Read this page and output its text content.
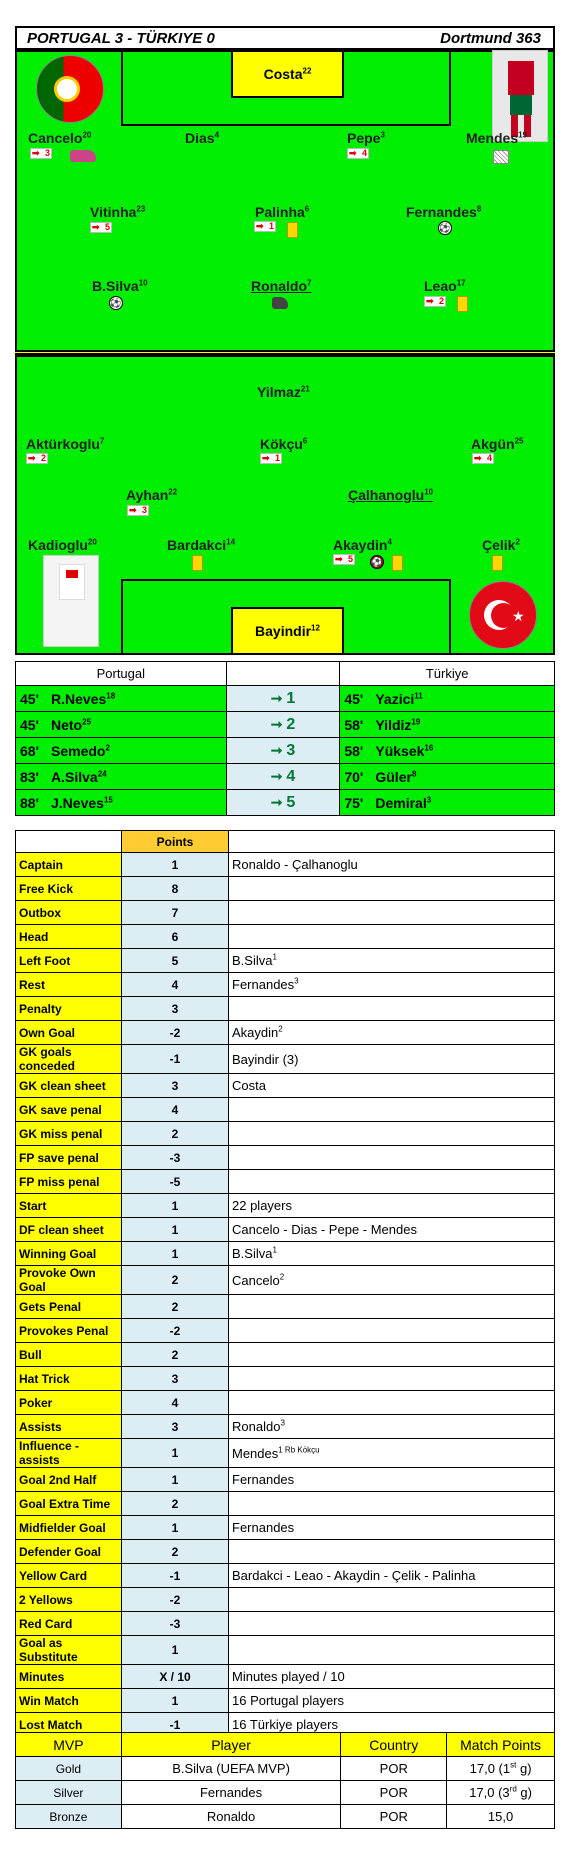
PORTUGAL 3 - TÜRKIYE 0	Dortmund 363
Costa$^{22}$
Cancelo$^{20}$
➡ 3
Dias$^4$	Pepe$^3$
➡ 4
Mendes$^{19}$
Vitinha$^{23}$
➡ 5
Palinha$^6$
➡ 1
Fernandes$^8$
⚽
B.Silva$^{10}$
⚽
Ronaldo$^7$	Leao$^{17}$
➡ 2
Yilmaz$^{21}$
Aktürkoglu$^7$
➡ 2
Kökçu$^6$
➡ 1
Akgün$^{25}$
➡ 4
Ayhan$^{22}$
➡ 3
Çalhanoglu$^{10}$
Kadioglu$^{20}$	Bardakci$^{14}$	Akaydin$^4$
➡ 5 ⚽
Çelik$^2$
Bayindir$^{12}$
★
Portugal		Türkiye
45' R.Neves$^{18}$	➞ 1	45' Yazici$^{11}$
45' Neto$^{25}$	➞ 2	58' Yildiz$^{19}$
68' Semedo$^2$	➞ 3	58' Yüksek$^{16}$
83' A.Silva$^{24}$	➞ 4	70' Güler$^8$
88' J.Neves$^{15}$	➞ 5	75' Demiral$^3$
	Points	
Captain	1	Ronaldo - Çalhanoglu
Free Kick	8	
Outbox	7	
Head	6	
Left Foot	5	B.Silva$^1$
Rest	4	Fernandes$^3$
Penalty	3	
Own Goal	-2	Akaydin$^2$
GK goals conceded	-1	Bayindir (3)
GK clean sheet	3	Costa
GK save penal	4	
GK miss penal	2	
FP save penal	-3	
FP miss penal	-5	
Start	1	22 players
DF clean sheet	1	Cancelo - Dias - Pepe - Mendes
Winning Goal	1	B.Silva$^1$
Provoke Own Goal	2	Cancelo$^2$
Gets Penal	2	
Provokes Penal	-2	
Bull	2	
Hat Trick	3	
Poker	4	
Assists	3	Ronaldo$^3$
Influence - assists	1	Mendes$^{1 Rb Kökçu}$
Goal 2nd Half	1	Fernandes
Goal Extra Time	2	
Midfielder Goal	1	Fernandes
Defender Goal	2	
Yellow Card	-1	Bardakci - Leao - Akaydin - Çelik - Palinha
2 Yellows	-2	
Red Card	-3	
Goal as Substitute	1	
Minutes	X / 10	Minutes played / 10
Win Match	1	16 Portugal players
Lost Match	-1	16 Türkiye players
MVP	Player	Country	Match Points
Gold	B.Silva (UEFA MVP)	POR	17,0 (1st g)
Silver	Fernandes	POR	17,0 (3rd g)
Bronze	Ronaldo	POR	15,0
